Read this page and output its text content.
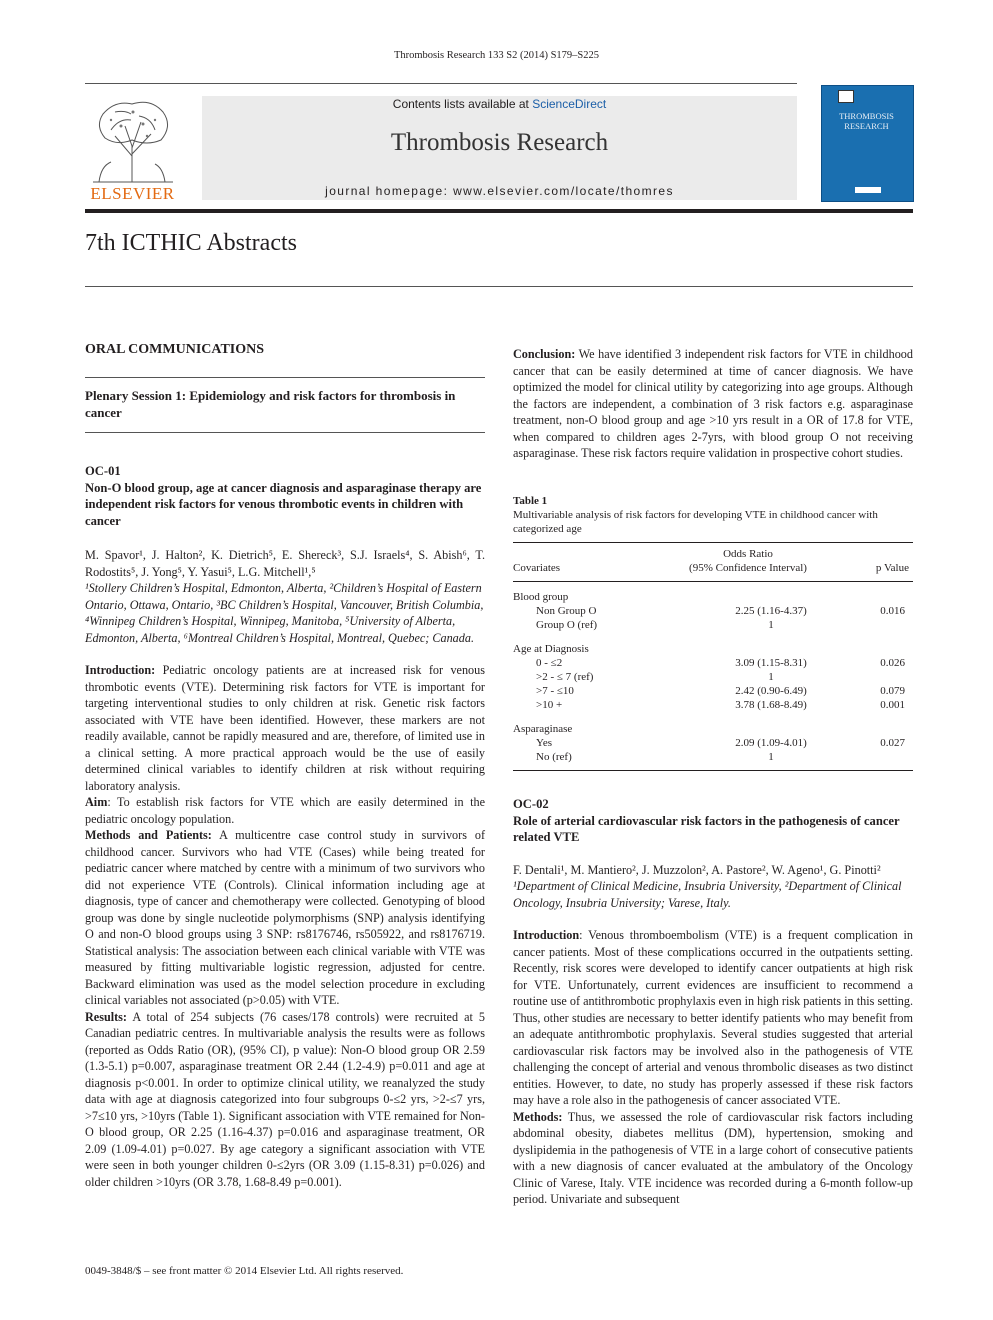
Thrombosis Research 133 S2 (2014) S179–S225
ELSEVIER
Contents lists available at ScienceDirect
Thrombosis Research
journal homepage: www.elsevier.com/locate/thomres
THROMBOSIS RESEARCH
7th ICTHIC Abstracts
ORAL COMMUNICATIONS
Plenary Session 1: Epidemiology and risk factors for thrombosis in cancer
OC-01
Non-O blood group, age at cancer diagnosis and asparaginase therapy are independent risk factors for venous thrombotic events in children with cancer

M. Spavor¹, J. Halton², K. Dietrich⁵, E. Shereck³, S.J. Israels⁴, S. Abish⁶, T. Rodostits⁵, J. Yong⁵, Y. Yasui⁵, L.G. Mitchell¹,⁵

¹Stollery Children’s Hospital, Edmonton, Alberta, ²Children’s Hospital of Eastern Ontario, Ottawa, Ontario, ³BC Children’s Hospital, Vancouver, British Columbia, ⁴Winnipeg Children’s Hospital, Winnipeg, Manitoba, ⁵University of Alberta, Edmonton, Alberta, ⁶Montreal Children’s Hospital, Montreal, Quebec; Canada.

Introduction: Pediatric oncology patients are at increased risk for venous thrombotic events (VTE). Determining risk factors for VTE is important for targeting interventional studies to only children at risk. Genetic risk factors associated with VTE have been identified. However, these markers are not readily available, cannot be rapidly measured and are, therefore, of limited use in a clinical setting. A more practical approach would be the use of easily determined clinical variables to identify children at risk without requiring laboratory analysis.

Aim: To establish risk factors for VTE which are easily determined in the pediatric oncology population.

Methods and Patients: A multicentre case control study in survivors of childhood cancer. Survivors who had VTE (Cases) while being treated for pediatric cancer where matched by centre with a minimum of two survivors who did not experience VTE (Controls). Clinical information including age at diagnosis, type of cancer and chemotherapy were collected. Genotyping of blood group was done by single nucleotide polymorphisms (SNP) analysis identifying O and non-O blood groups using 3 SNP: rs8176746, rs505922, and rs8176719. Statistical analysis: The association between each clinical variable with VTE was measured by fitting multivariable logistic regression, adjusted for centre. Backward elimination was used as the model selection procedure in excluding clinical variables not associated (p>0.05) with VTE.

Results: A total of 254 subjects (76 cases/178 controls) were recruited at 5 Canadian pediatric centres. In multivariable analysis the results were as follows (reported as Odds Ratio (OR), (95% CI), p value): Non-O blood group OR 2.59 (1.3-5.1) p=0.007, asparaginase treatment OR 2.44 (1.2-4.9) p=0.011 and age at diagnosis p<0.001. In order to optimize clinical utility, we reanalyzed the study data with age at diagnosis categorized into four subgroups 0-≤2 yrs, >2-≤7 yrs, >7≤10 yrs, >10yrs (Table 1). Significant association with VTE remained for Non-O blood group, OR 2.25 (1.16-4.37) p=0.016 and asparaginase treatment, OR 2.09 (1.09-4.01) p=0.027. By age category a significant association with VTE were seen in both younger children 0-≤2yrs (OR 3.09 (1.15-8.31) p=0.026) and older children >10yrs (OR 3.78, 1.68-8.49 p=0.001).

Conclusion: We have identified 3 independent risk factors for VTE in childhood cancer that can be easily determined at time of cancer diagnosis. We have optimized the model for clinical utility by categorizing into age groups. Although the factors are independent, a combination of 3 risk factors e.g. asparaginase treatment, non-O blood group and age >10 yrs result in a OR of 17.8 for VTE, when compared to children ages 2-7yrs, with blood group O not receiving asparaginase. These risk factors require validation in prospective cohort studies.

Table 1
Multivariable analysis of risk factors for developing VTE in childhood cancer with categorized age
	Odds Ratio	
Covariates	(95% Confidence Interval)	p Value
Blood group		
Non Group O	2.25 (1.16-4.37)	0.016
Group O (ref)	1	

Age at Diagnosis		
0 - ≤2	3.09 (1.15-8.31)	0.026
>2 - ≤ 7 (ref)	1	
>7 - ≤10	2.42 (0.90-6.49)	0.079
>10 +	3.78 (1.68-8.49)	0.001

Asparaginase		
Yes	2.09 (1.09-4.01)	0.027
No (ref)	1	
OC-02
Role of arterial cardiovascular risk factors in the pathogenesis of cancer related VTE

F. Dentali¹, M. Mantiero², J. Muzzolon², A. Pastore², W. Ageno¹, G. Pinotti²

¹Department of Clinical Medicine, Insubria University, ²Department of Clinical Oncology, Insubria University; Varese, Italy.

Introduction: Venous thromboembolism (VTE) is a frequent complication in cancer patients. Most of these complications occurred in the outpatients setting. Recently, risk scores were developed to identify cancer outpatients at high risk for VTE. Unfortunately, current evidences are insufficient to recommend a routine use of antithrombotic prophylaxis even in high risk patients in this setting. Thus, other studies are necessary to better identify patients who may benefit from an adequate antithrombotic prophylaxis. Several studies suggested that arterial cardiovascular risk factors may be involved also in the pathogenesis of VTE challenging the concept of arterial and venous thrombolic diseases as two distinct entities. However, to date, no study has properly assessed if these risk factors may have a role also in the pathogenesis of cancer associated VTE.

Methods: Thus, we assessed the role of cardiovascular risk factors including abdominal obesity, diabetes mellitus (DM), hypertension, smoking and dyslipidemia in the pathogenesis of VTE in a large cohort of consecutive patients with a new diagnosis of cancer evaluated at the ambulatory of the Oncology Clinic of Varese, Italy. VTE incidence was recorded during a 6-month follow-up period. Univariate and subsequent

0049-3848/$ – see front matter © 2014 Elsevier Ltd. All rights reserved.
